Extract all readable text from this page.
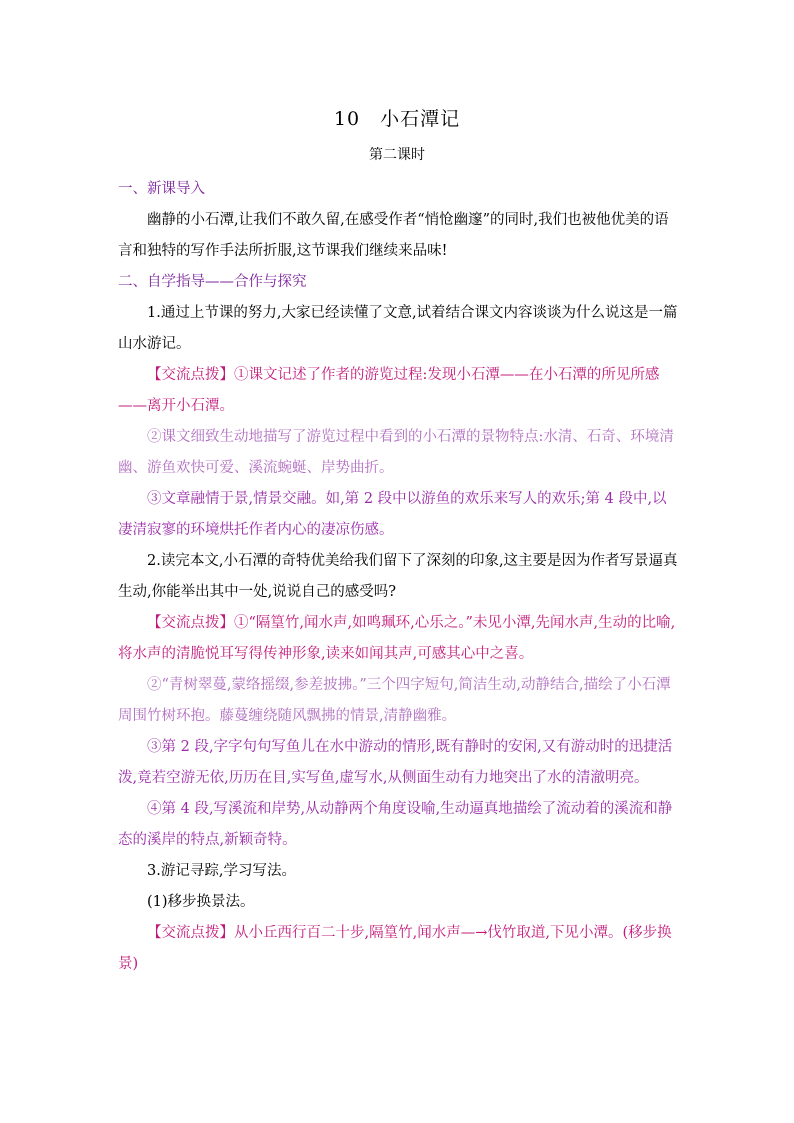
10 小石潭记
第二课时
一、新课导入
幽静的小石潭,让我们不敢久留,在感受作者“悄怆幽邃”的同时,我们也被他优美的语言和独特的写作手法所折服,这节课我们继续来品味!
二、自学指导——合作与探究
1.通过上节课的努力,大家已经读懂了文意,试着结合课文内容谈谈为什么说这是一篇山水游记。
【交流点拨】①课文记述了作者的游览过程:发现小石潭——在小石潭的所见所感——离开小石潭。
②课文细致生动地描写了游览过程中看到的小石潭的景物特点:水清、石奇、环境清幽、游鱼欢快可爱、溪流蜿蜒、岸势曲折。
③文章融情于景,情景交融。如,第 2 段中以游鱼的欢乐来写人的欢乐;第 4 段中,以凄清寂寥的环境烘托作者内心的凄凉伤感。
2.读完本文,小石潭的奇特优美给我们留下了深刻的印象,这主要是因为作者写景逼真生动,你能举出其中一处,说说自己的感受吗?
【交流点拨】①“隔篁竹,闻水声,如鸣珮环,心乐之。”未见小潭,先闻水声,生动的比喻,将水声的清脆悦耳写得传神形象,读来如闻其声,可感其心中之喜。
②“青树翠蔓,蒙络摇缀,参差披拂。”三个四字短句,简洁生动,动静结合,描绘了小石潭周围竹树环抱。藤蔓缠绕随风飘拂的情景,清静幽雅。
③第 2 段,字字句句写鱼儿在水中游动的情形,既有静时的安闲,又有游动时的迅捷活泼,竟若空游无依,历历在目,实写鱼,虚写水,从侧面生动有力地突出了水的清澈明亮。
④第 4 段,写溪流和岸势,从动静两个角度设喻,生动逼真地描绘了流动着的溪流和静态的溪岸的特点,新颖奇特。
3.游记寻踪,学习写法。
(1)移步换景法。
【交流点拨】从小丘西行百二十步,隔篁竹,闻水声—→伐竹取道,下见小潭。(移步换景)
